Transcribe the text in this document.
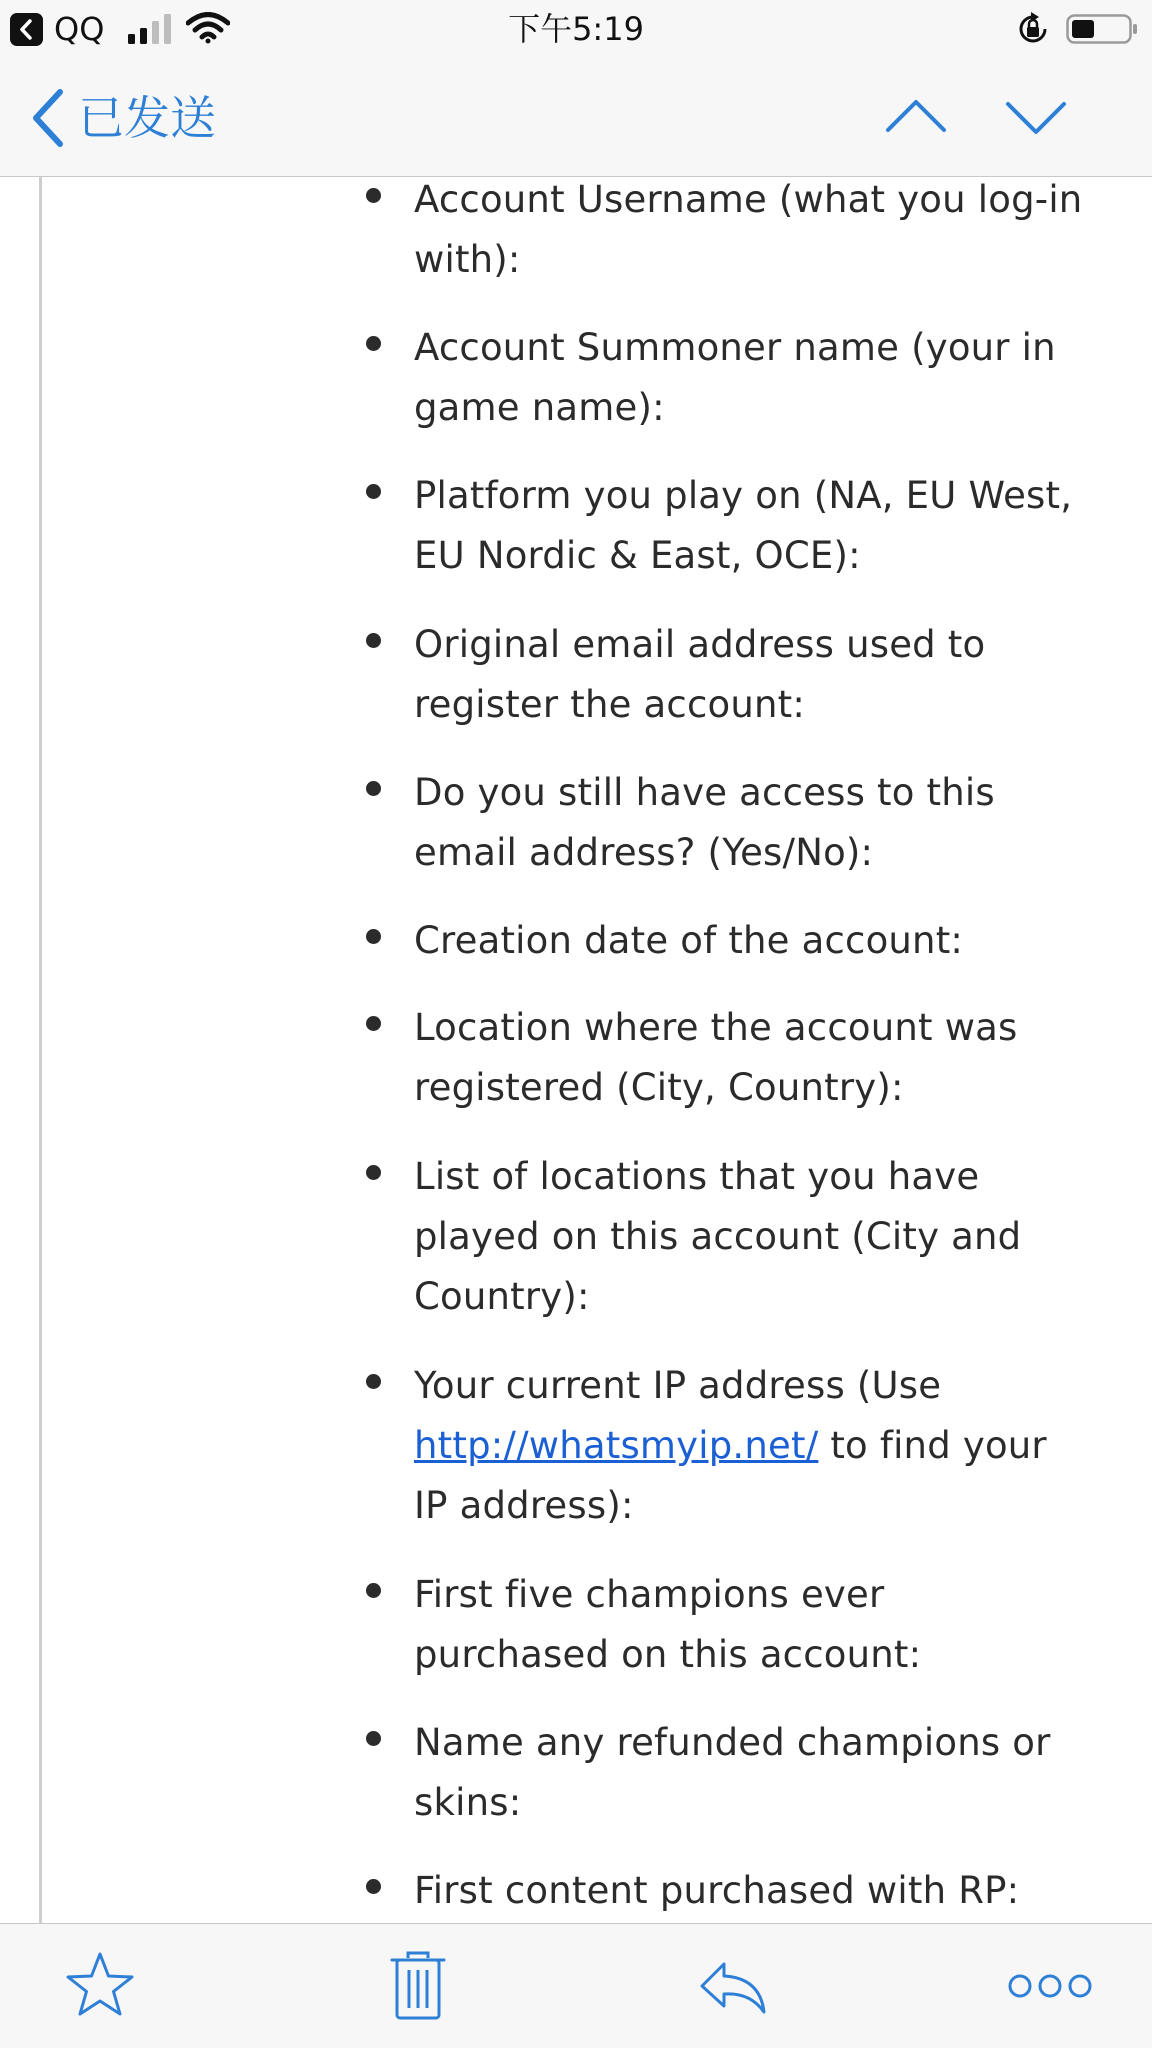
QQ	下午5:19
已发送
Account Username (what you log-in with):
Account Summoner name (your in game name):
Platform you play on (NA, EU West, EU Nordic & East, OCE):
Original email address used to register the account:
Do you still have access to this email address? (Yes/No):
Creation date of the account:
Location where the account was registered (City, Country):
List of locations that you have played on this account (City and Country):
Your current IP address (Use http://whatsmyip.net/ to find your IP address):
First five champions ever purchased on this account:
Name any refunded champions or skins:
First content purchased with RP:
